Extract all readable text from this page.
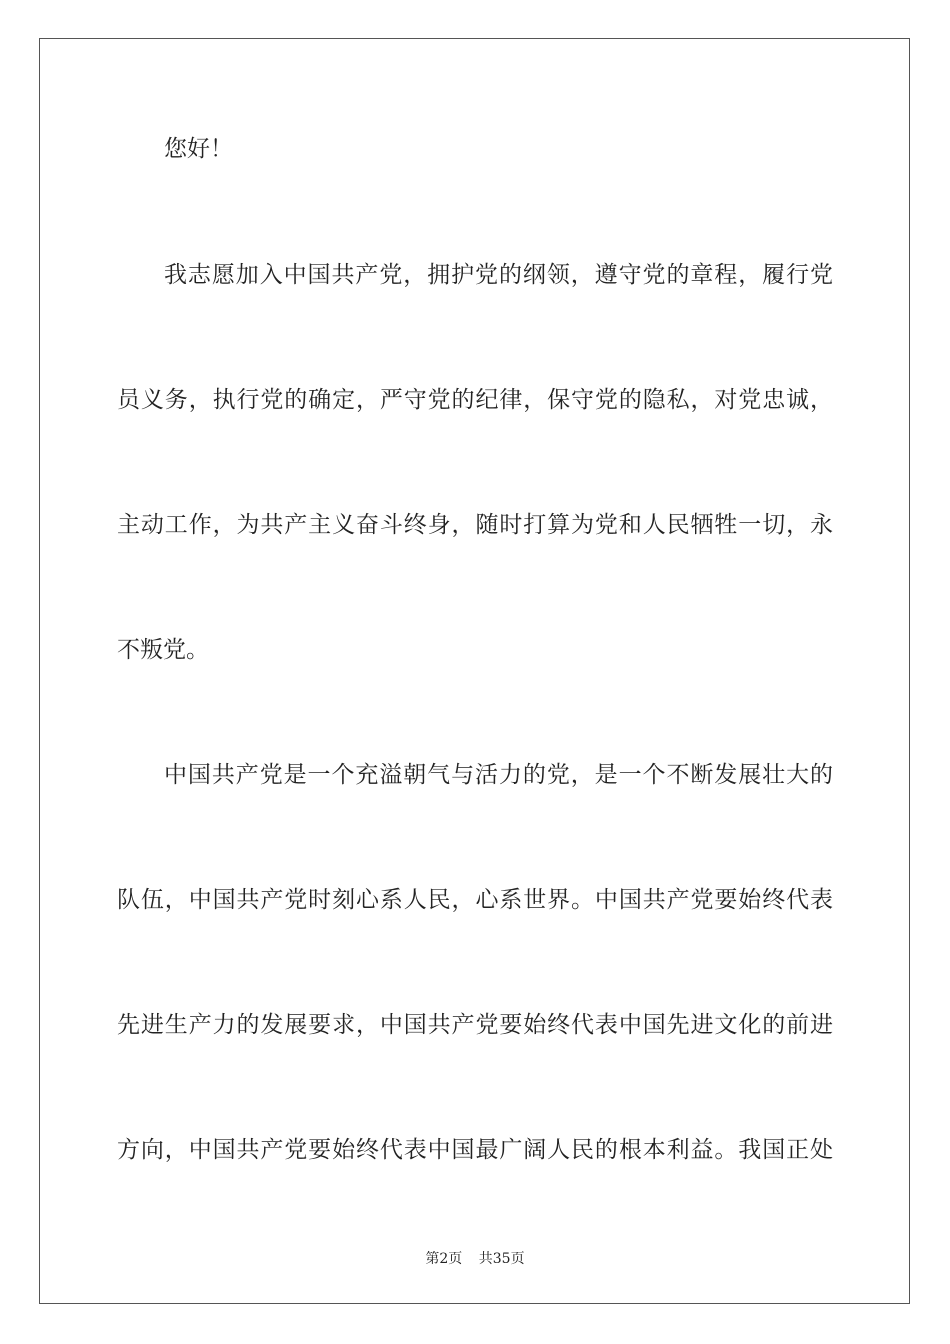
您好！
我志愿加入中国共产党，拥护党的纲领，遵守党的章程，履行党
员义务，执行党的确定，严守党的纪律，保守党的隐私，对党忠诚，
主动工作，为共产主义奋斗终身，随时打算为党和人民牺牲一切，永
不叛党。
中国共产党是一个充溢朝气与活力的党，是一个不断发展壮大的
队伍，中国共产党时刻心系人民，心系世界。中国共产党要始终代表
先进生产力的发展要求，中国共产党要始终代表中国先进文化的前进
方向，中国共产党要始终代表中国最广阔人民的根本利益。我国正处
第2页 共35页
